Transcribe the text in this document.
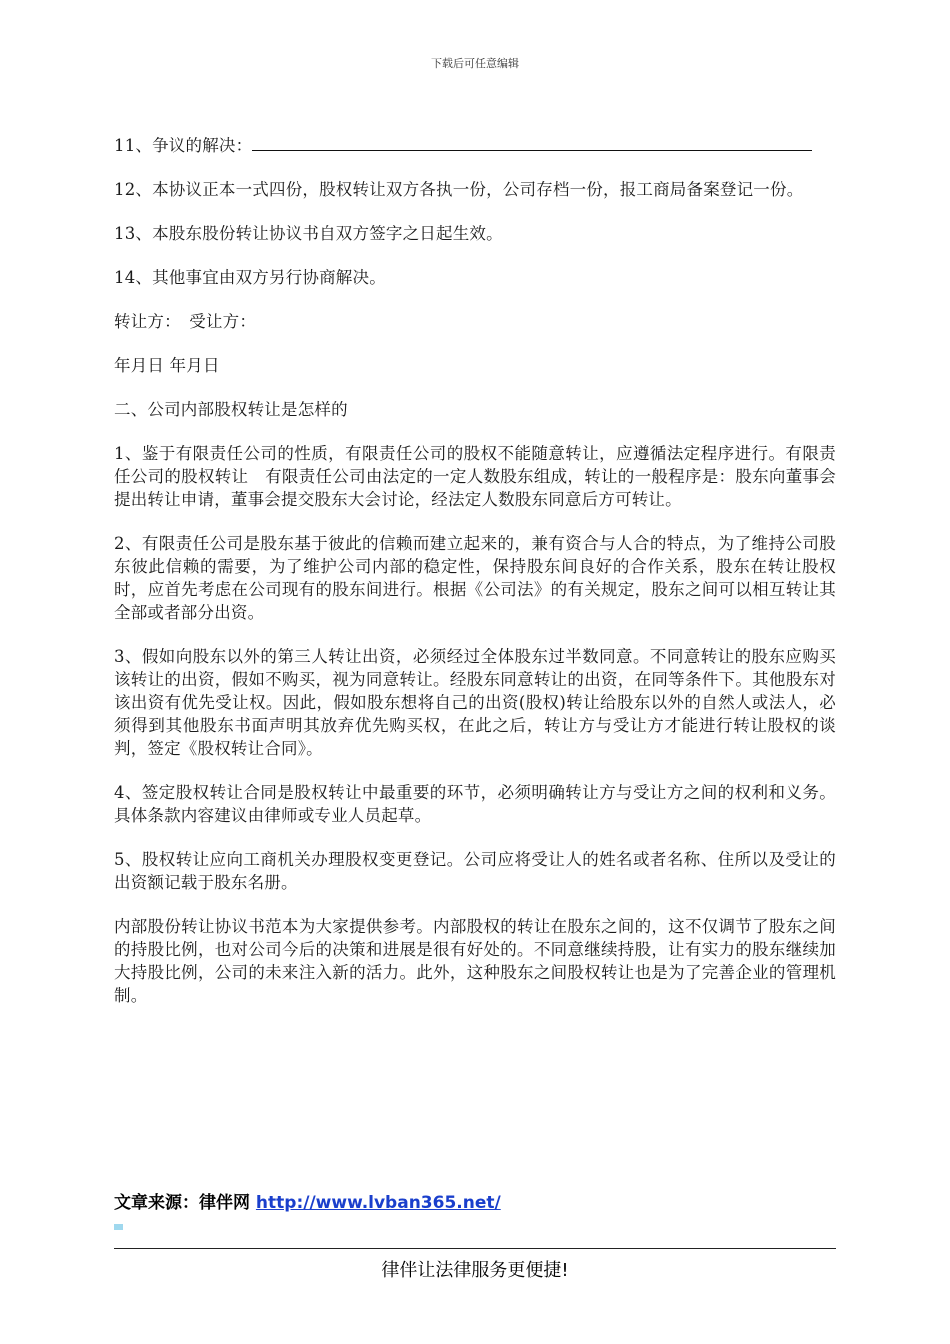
下载后可任意编辑

11、争议的解决：

12、本协议正本一式四份，股权转让双方各执一份，公司存档一份，报工商局备案登记一份。

13、本股东股份转让协议书自双方签字之日起生效。

14、其他事宜由双方另行协商解决。

转让方：　受让方：

年月日 年月日

二、公司内部股权转让是怎样的

1、鉴于有限责任公司的性质，有限责任公司的股权不能随意转让，应遵循法定程序进行。有限责任公司的股权转让　有限责任公司由法定的一定人数股东组成，转让的一般程序是：股东向董事会提出转让申请，董事会提交股东大会讨论，经法定人数股东同意后方可转让。

2、有限责任公司是股东基于彼此的信赖而建立起来的，兼有资合与人合的特点，为了维持公司股东彼此信赖的需要，为了维护公司内部的稳定性，保持股东间良好的合作关系，股东在转让股权时，应首先考虑在公司现有的股东间进行。根据《公司法》的有关规定，股东之间可以相互转让其全部或者部分出资。

3、假如向股东以外的第三人转让出资，必须经过全体股东过半数同意。不同意转让的股东应购买该转让的出资，假如不购买，视为同意转让。经股东同意转让的出资，在同等条件下。其他股东对该出资有优先受让权。因此，假如股东想将自己的出资(股权)转让给股东以外的自然人或法人，必须得到其他股东书面声明其放弃优先购买权，在此之后，转让方与受让方才能进行转让股权的谈判，签定《股权转让合同》。

4、签定股权转让合同是股权转让中最重要的环节，必须明确转让方与受让方之间的权利和义务。具体条款内容建议由律师或专业人员起草。

5、股权转让应向工商机关办理股权变更登记。公司应将受让人的姓名或者名称、住所以及受让的出资额记载于股东名册。

内部股份转让协议书范本为大家提供参考。内部股权的转让在股东之间的，这不仅调节了股东之间的持股比例，也对公司今后的决策和进展是很有好处的。不同意继续持股，让有实力的股东继续加大持股比例，公司的未来注入新的活力。此外，这种股东之间股权转让也是为了完善企业的管理机制。

文章来源：律伴网 http://www.lvban365.net/
律伴让法律服务更便捷!
